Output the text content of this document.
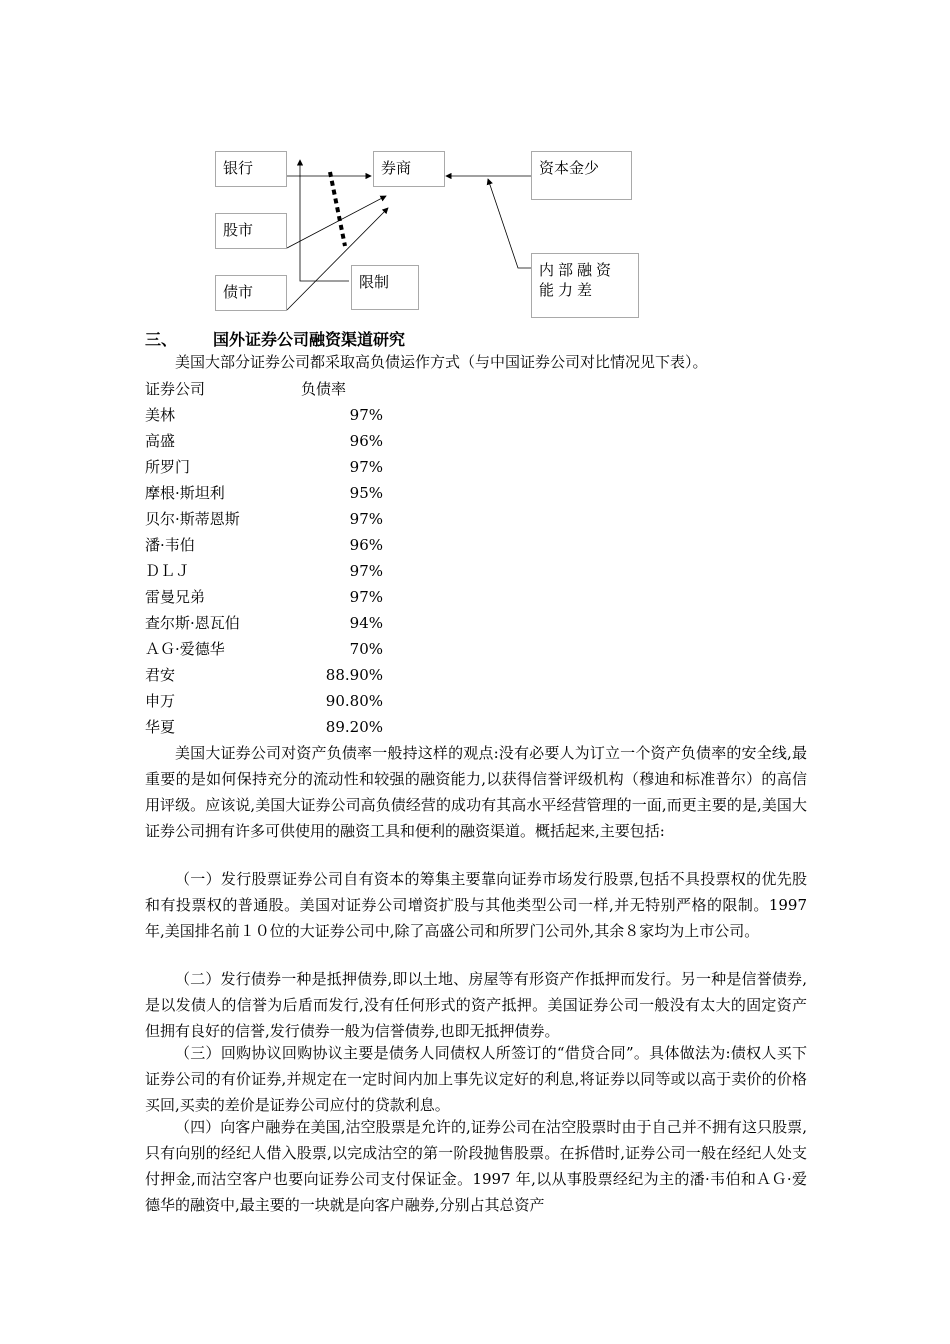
银行
股市
债市
券商
限制
资本金少
内部融资能力差
三、 国外证券公司融资渠道研究
美国大部分证券公司都采取高负债运作方式（与中国证券公司对比情况见下表）。
证券公司	负债率
美林	97%
高盛	96%
所罗门	97%
摩根·斯坦利	95%
贝尔·斯蒂恩斯	97%
潘·韦伯	96%
ＤＬＪ	97%
雷曼兄弟	97%
查尔斯·恩瓦伯	94%
ＡＧ·爱德华	70%
君安	88.90%
申万	90.80%
华夏	89.20%
美国大证券公司对资产负债率一般持这样的观点:没有必要人为订立一个资产负债率的安全线,最重要的是如何保持充分的流动性和较强的融资能力,以获得信誉评级机构（穆迪和标准普尔）的高信用评级。应该说,美国大证券公司高负债经营的成功有其高水平经营管理的一面,而更主要的是,美国大证券公司拥有许多可供使用的融资工具和便利的融资渠道。概括起来,主要包括:
（一）发行股票证券公司自有资本的筹集主要靠向证券市场发行股票,包括不具投票权的优先股和有投票权的普通股。美国对证券公司增资扩股与其他类型公司一样,并无特别严格的限制。1997 年,美国排名前１０位的大证券公司中,除了高盛公司和所罗门公司外,其余８家均为上市公司。
（二）发行债券一种是抵押债券,即以土地、房屋等有形资产作抵押而发行。另一种是信誉债券,是以发债人的信誉为后盾而发行,没有任何形式的资产抵押。美国证券公司一般没有太大的固定资产但拥有良好的信誉,发行债券一般为信誉债券,也即无抵押债券。
（三）回购协议回购协议主要是债务人同债权人所签订的“借贷合同”。具体做法为:债权人买下证券公司的有价证券,并规定在一定时间内加上事先议定好的利息,将证券以同等或以高于卖价的价格买回,买卖的差价是证券公司应付的贷款利息。
（四）向客户融券在美国,沽空股票是允许的,证券公司在沽空股票时由于自己并不拥有这只股票,只有向别的经纪人借入股票,以完成沽空的第一阶段抛售股票。在拆借时,证券公司一般在经纪人处支付押金,而沽空客户也要向证券公司支付保证金。1997 年,以从事股票经纪为主的潘·韦伯和ＡＧ·爱德华的融资中,最主要的一块就是向客户融券,分别占其总资产
